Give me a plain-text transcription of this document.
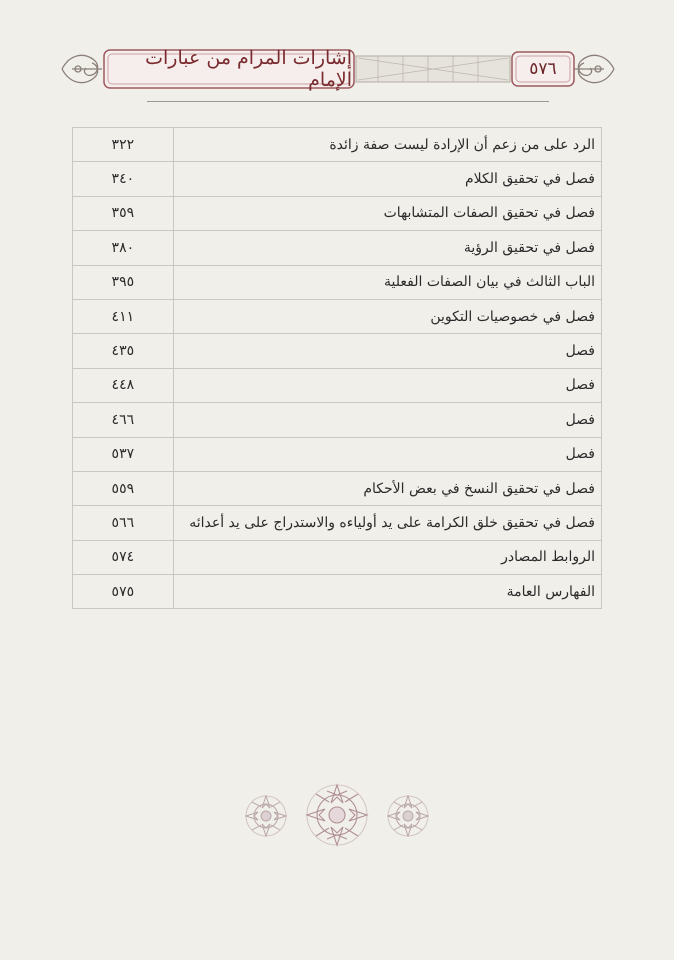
إشارات المرام من عبارات الإمام	٥٧٦
الرد على من زعم أن الإرادة ليست صفة زائدة	٣٢٢
فصل في تحقيق الكلام	٣٤٠
فصل في تحقيق الصفات المتشابهات	٣٥٩
فصل في تحقيق الرؤية	٣٨٠
الباب الثالث في بيان الصفات الفعلية	٣٩٥
فصل في خصوصيات التكوين	٤١١
فصل	٤٣٥
فصل	٤٤٨
فصل	٤٦٦
فصل	٥٣٧
فصل في تحقيق النسخ في بعض الأحكام	٥٥٩
فصل في تحقيق خلق الكرامة على يد أولياءه والاستدراج على يد أعدائه	٥٦٦
الروابط المصادر	٥٧٤
الفهارس العامة	٥٧٥
